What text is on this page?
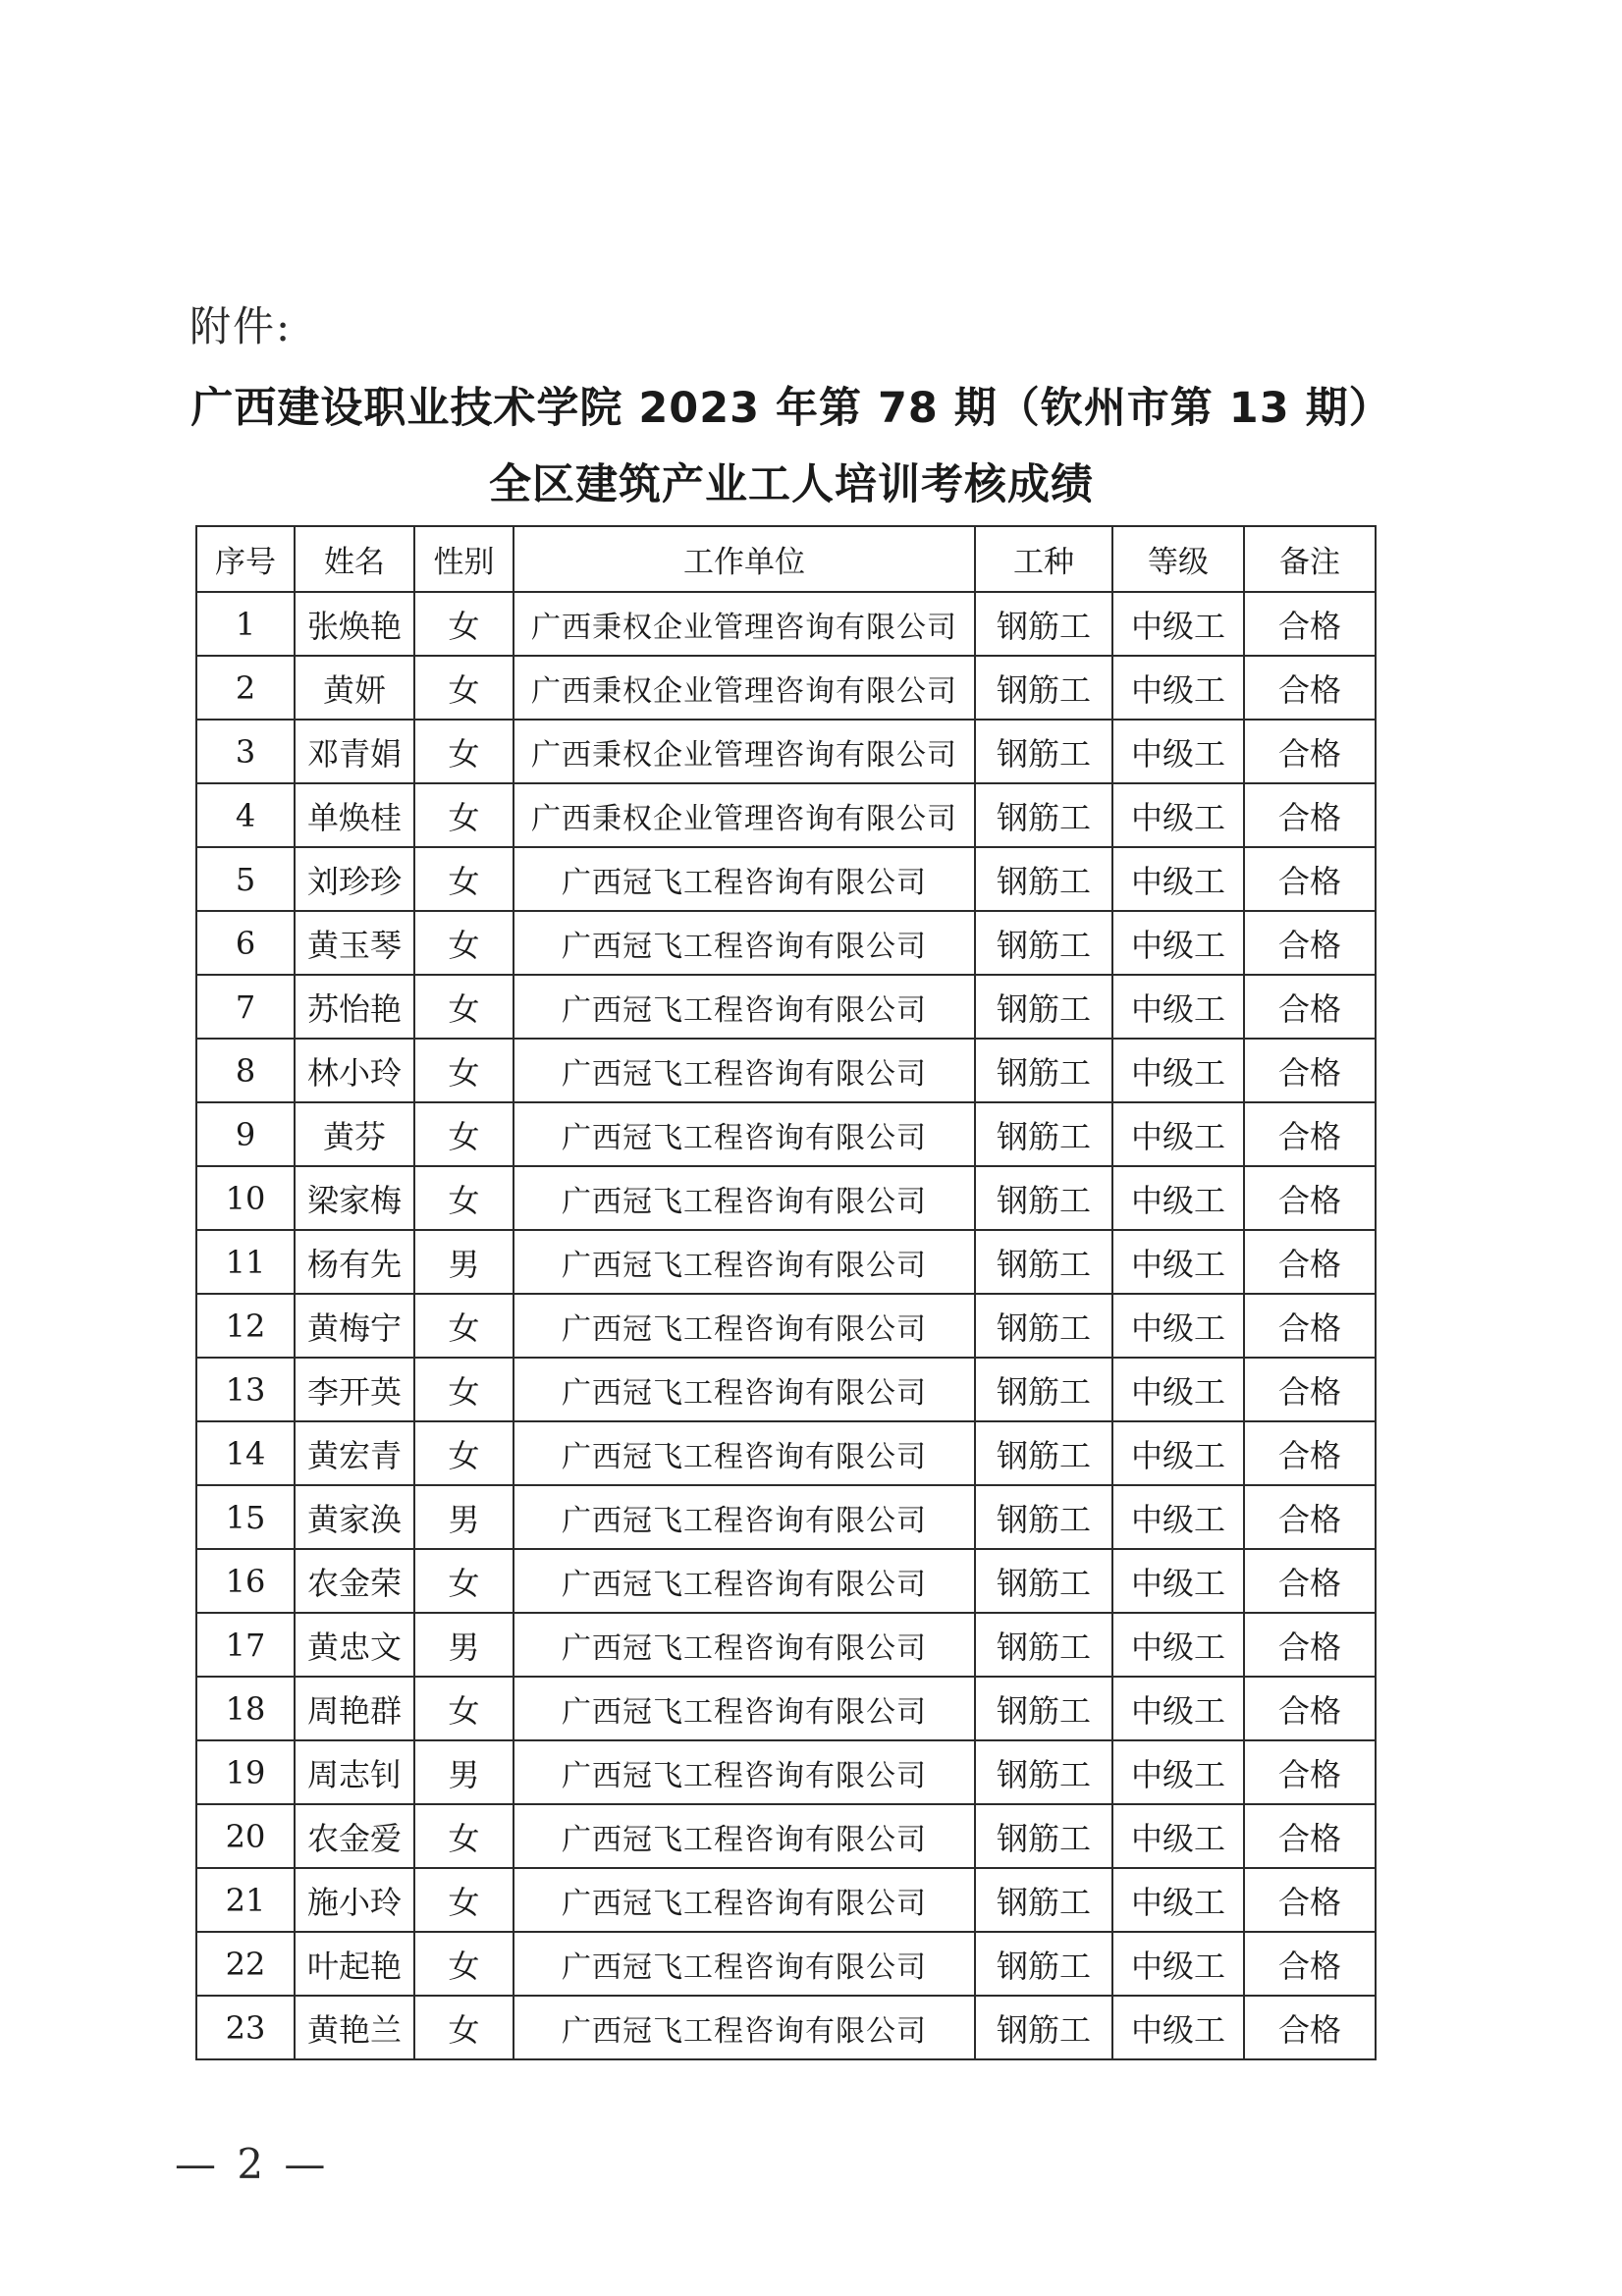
附件:
广西建设职业技术学院 2023 年第 78 期（钦州市第 13 期）
全区建筑产业工人培训考核成绩
序号	姓名	性别	工作单位	工种	等级	备注
1	张焕艳	女	广西秉权企业管理咨询有限公司	钢筋工	中级工	合格
2	黄妍	女	广西秉权企业管理咨询有限公司	钢筋工	中级工	合格
3	邓青娟	女	广西秉权企业管理咨询有限公司	钢筋工	中级工	合格
4	单焕桂	女	广西秉权企业管理咨询有限公司	钢筋工	中级工	合格
5	刘珍珍	女	广西冠飞工程咨询有限公司	钢筋工	中级工	合格
6	黄玉琴	女	广西冠飞工程咨询有限公司	钢筋工	中级工	合格
7	苏怡艳	女	广西冠飞工程咨询有限公司	钢筋工	中级工	合格
8	林小玲	女	广西冠飞工程咨询有限公司	钢筋工	中级工	合格
9	黄芬	女	广西冠飞工程咨询有限公司	钢筋工	中级工	合格
10	梁家梅	女	广西冠飞工程咨询有限公司	钢筋工	中级工	合格
11	杨有先	男	广西冠飞工程咨询有限公司	钢筋工	中级工	合格
12	黄梅宁	女	广西冠飞工程咨询有限公司	钢筋工	中级工	合格
13	李开英	女	广西冠飞工程咨询有限公司	钢筋工	中级工	合格
14	黄宏青	女	广西冠飞工程咨询有限公司	钢筋工	中级工	合格
15	黄家涣	男	广西冠飞工程咨询有限公司	钢筋工	中级工	合格
16	农金荣	女	广西冠飞工程咨询有限公司	钢筋工	中级工	合格
17	黄忠文	男	广西冠飞工程咨询有限公司	钢筋工	中级工	合格
18	周艳群	女	广西冠飞工程咨询有限公司	钢筋工	中级工	合格
19	周志钊	男	广西冠飞工程咨询有限公司	钢筋工	中级工	合格
20	农金爱	女	广西冠飞工程咨询有限公司	钢筋工	中级工	合格
21	施小玲	女	广西冠飞工程咨询有限公司	钢筋工	中级工	合格
22	叶起艳	女	广西冠飞工程咨询有限公司	钢筋工	中级工	合格
23	黄艳兰	女	广西冠飞工程咨询有限公司	钢筋工	中级工	合格
— 2 —
